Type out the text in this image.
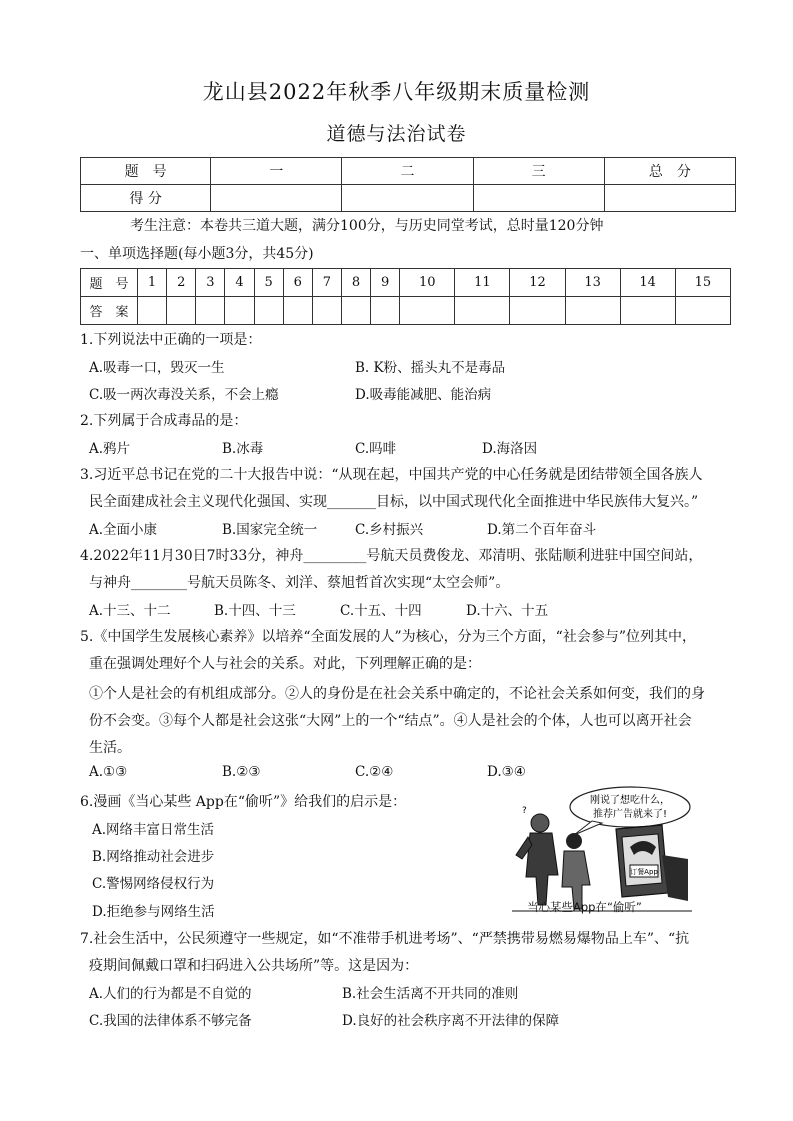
龙山县2022年秋季八年级期末质量检测
道德与法治试卷
题　号	一	二	三	总　分
得 分				
考生注意：本卷共三道大题，满分100分，与历史同堂考试，总时量120分钟
一、单项选择题(每小题3分，共45分)
题　号	1	2	3	4	5	6	7	8	9	10	11	12	13	14	15
答　案															
1.下列说法中正确的一项是：
A.吸毒一口，毁灭一生	B. K粉、摇头丸不是毒品
C.吸一两次毒没关系，不会上瘾	D.吸毒能减肥、能治病
2.下列属于合成毒品的是：
A.鸦片	B.冰毒	C.吗啡	D.海洛因
3.习近平总书记在党的二十大报告中说：“从现在起，中国共产党的中心任务就是团结带领全国各族人
民全面建成社会主义现代化强国、实现_______目标，以中国式现代化全面推进中华民族伟大复兴。”
A.全面小康	B.国家完全统一	C.乡村振兴	D.第二个百年奋斗
4.2022年11月30日7时33分，神舟_________号航天员费俊龙、邓清明、张陆顺利进驻中国空间站，
与神舟________号航天员陈冬、刘洋、蔡旭哲首次实现“太空会师”。
A.十三、十二	B.十四、十三	C.十五、十四	D.十六、十五
5.《中国学生发展核心素养》以培养“全面发展的人”为核心，分为三个方面，“社会参与”位列其中，
重在强调处理好个人与社会的关系。对此，下列理解正确的是：
①个人是社会的有机组成部分。②人的身份是在社会关系中确定的，不论社会关系如何变，我们的身
份不会变。③每个人都是社会这张“大网”上的一个“结点”。④人是社会的个体，人也可以离开社会
生活。
A.①③	B.②③	C.②④	D.③④
6.漫画《当心某些 App在“偷听”》给我们的启示是：
A.网络丰富日常生活
B.网络推动社会进步
C.警惕网络侵权行为
D.拒绝参与网络生活
刚说了想吃什么，
推荐广告就来了!
?
订餐App
当心某些App在“偷听”
7.社会生活中，公民须遵守一些规定，如“不准带手机进考场”、“严禁携带易燃易爆物品上车”、“抗
疫期间佩戴口罩和扫码进入公共场所”等。这是因为：
A.人们的行为都是不自觉的	B.社会生活离不开共同的准则
C.我国的法律体系不够完备	D.良好的社会秩序离不开法律的保障
